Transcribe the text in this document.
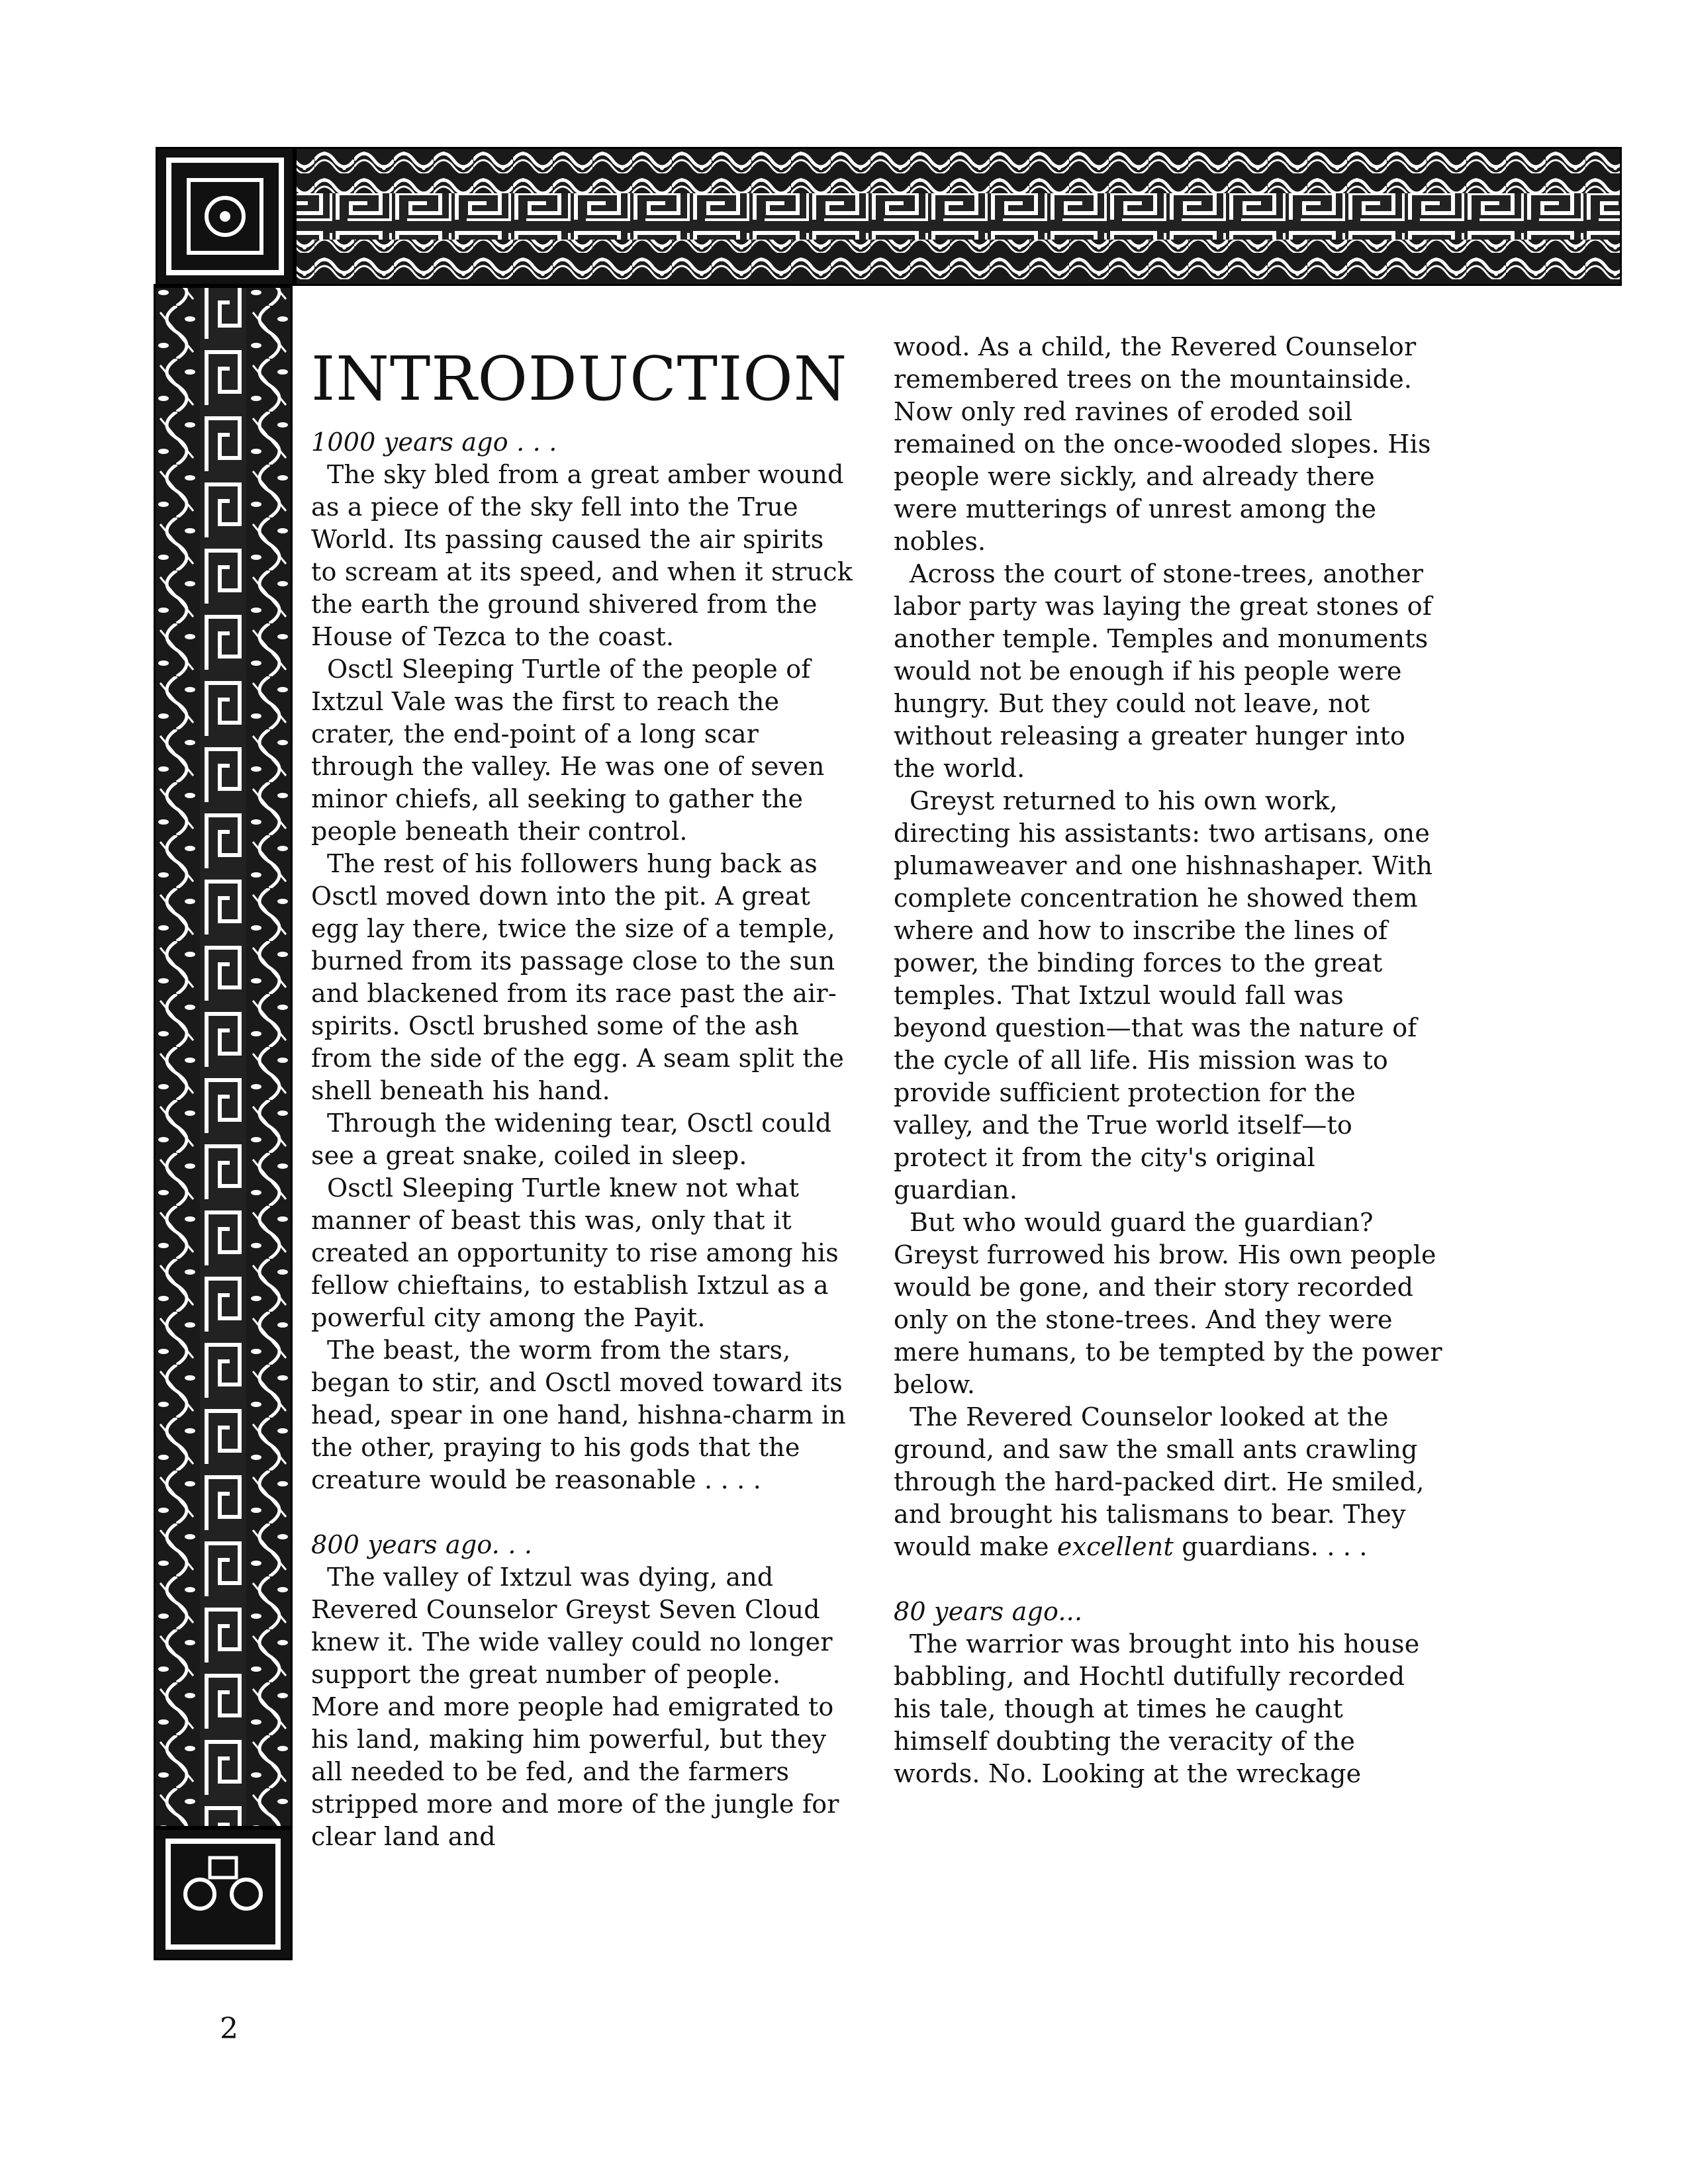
INTRODUCTION
1000 years ago . . .

The sky bled from a great amber wound as a piece of the sky fell into the True World. Its passing caused the air spirits to scream at its speed, and when it struck the earth the ground shivered from the House of Tezca to the coast.

Osctl Sleeping Turtle of the people of Ixtzul Vale was the first to reach the crater, the end-point of a long scar through the valley. He was one of seven minor chiefs, all seeking to gather the people beneath their control.

The rest of his followers hung back as Osctl moved down into the pit. A great egg lay there, twice the size of a temple, burned from its passage close to the sun and blackened from its race past the air-spirits. Osctl brushed some of the ash from the side of the egg. A seam split the shell beneath his hand.

Through the widening tear, Osctl could see a great snake, coiled in sleep.

Osctl Sleeping Turtle knew not what manner of beast this was, only that it created an opportunity to rise among his fellow chieftains, to establish Ixtzul as a powerful city among the Payit.

The beast, the worm from the stars, began to stir, and Osctl moved toward its head, spear in one hand, hishna-charm in the other, praying to his gods that the creature would be reasonable . . . .

800 years ago. . .

The valley of Ixtzul was dying, and Revered Counselor Greyst Seven Cloud knew it. The wide valley could no longer support the great number of people. More and more people had emigrated to his land, making him powerful, but they all needed to be fed, and the farmers stripped more and more of the jungle for clear land and

wood. As a child, the Revered Counselor remembered trees on the mountainside. Now only red ravines of eroded soil remained on the once-wooded slopes. His people were sickly, and already there were mutterings of unrest among the nobles.

Across the court of stone-trees, another labor party was laying the great stones of another temple. Temples and monuments would not be enough if his people were hungry. But they could not leave, not without releasing a greater hunger into the world.

Greyst returned to his own work, directing his assistants: two artisans, one plumaweaver and one hishnashaper. With complete concentration he showed them where and how to inscribe the lines of power, the binding forces to the great temples. That Ixtzul would fall was beyond question—that was the nature of the cycle of all life. His mission was to provide sufficient protection for the valley, and the True world itself—to protect it from the city's original guardian.

But who would guard the guardian? Greyst furrowed his brow. His own people would be gone, and their story recorded only on the stone-trees. And they were mere humans, to be tempted by the power below.

The Revered Counselor looked at the ground, and saw the small ants crawling through the hard-packed dirt. He smiled, and brought his talismans to bear. They would make excellent guardians. . . .

80 years ago...

The warrior was brought into his house babbling, and Hochtl dutifully recorded his tale, though at times he caught himself doubting the veracity of the words. No. Looking at the wreckage

2
